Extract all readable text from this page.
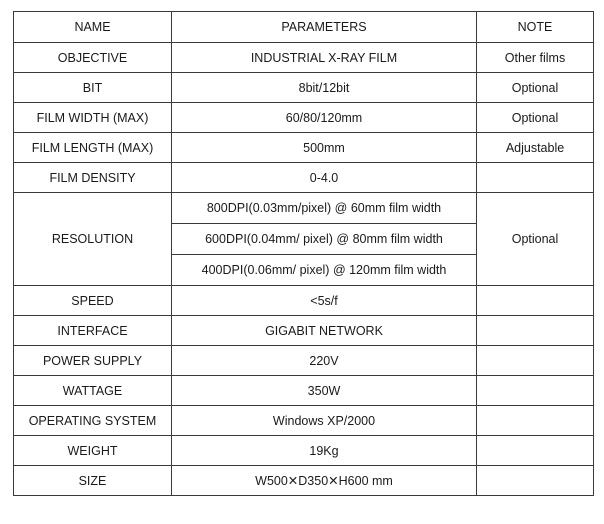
NAME	PARAMETERS	NOTE
OBJECTIVE	INDUSTRIAL X-RAY FILM	Other films
BIT	8bit/12bit	Optional
FILM WIDTH (MAX)	60/80/120mm	Optional
FILM LENGTH (MAX)	500mm	Adjustable
FILM DENSITY	0-4.0	
RESOLUTION	800DPI(0.03mm/pixel) @ 60mm film width	Optional
	600DPI(0.04mm/ pixel) @ 80mm film width	
	400DPI(0.06mm/ pixel) @ 120mm film width	
SPEED	<5s/f	
INTERFACE	GIGABIT NETWORK	
POWER SUPPLY	220V	
WATTAGE	350W	
OPERATING SYSTEM	Windows XP/2000	
WEIGHT	19Kg	
SIZE	W500✕D350✕H600 mm	
